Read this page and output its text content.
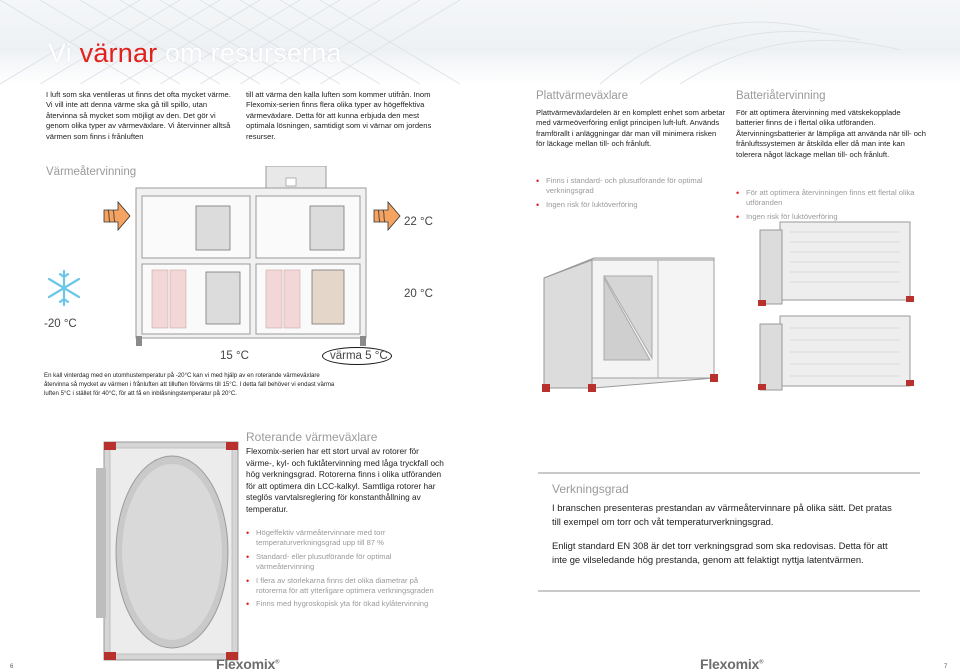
Vi värnar om resurserna
I luft som ska ventileras ut finns det ofta mycket värme. Vi vill inte att denna värme ska gå till spillo, utan återvinna så mycket som möjligt av den. Det gör vi genom olika typer av värmeväxlare. Vi återvinner alltså värmen som finns i frånluften
till att värma den kalla luften som kommer utifrån. Inom Flexomix-serien finns flera olika typer av högeffektiva värmeväxlare. Detta för att kunna erbjuda den mest optimala lösningen, samtidigt som vi värnar om jordens resurser.
Värmeåtervinning
22 °C
20 °C
-20 °C
15 °C	värma 5 °C
En kall vinterdag med en utomhustemperatur på -20°C kan vi med hjälp av en roterande värmeväxlare återvinna så mycket av värmen i frånluften att tilluften förvärms till 15°C. I detta fall behöver vi endast värma luften 5°C i stället för 40°C, för att få en inblåsningstemperatur på 20°C.
Roterande värmeväxlare
Flexomix-serien har ett stort urval av rotorer för värme-, kyl- och fuktåtervinning med låga tryckfall och hög verkningsgrad. Rotorerna finns i olika utföranden för att optimera din LCC-kalkyl. Samtliga rotorer har steglös varvtalsreglering för konstanthållning av temperatur.
• Högeffektiv värmeåtervinnare med torr temperaturverkningsgrad upp till 87 %
• Standard- eller plusutförande för optimal värmeåtervinning
• I flera av storlekarna finns det olika diametrar på rotorerna för att ytterligare optimera verkningsgraden
• Finns med hygroskopisk yta för ökad kylåtervinning
Plattvärmeväxlare
Plattvärmeväxlardelen är en komplett enhet som arbetar med värmeöverföring enligt principen luft-luft. Används framförallt i anläggningar där man vill minimera risken för läckage mellan till- och frånluft.
• Finns i standard- och plusutförande för optimal verkningsgrad
• Ingen risk för luktöverföring
Batteriåtervinning
För att optimera återvinning med vätskekopplade batterier finns de i flertal olika utföranden. Återvinningsbatterier är lämpliga att använda när till- och frånluftssystemen är åtskilda eller då man inte kan tolerera något läckage mellan till- och frånluft.
• För att optimera återvinningen finns ett flertal olika utföranden
• Ingen risk för luktöverföring
Verkningsgrad
I branschen presenteras prestandan av värmeåtervinnare på olika sätt. Det pratas till exempel om torr och våt temperaturverkningsgrad.
Enligt standard EN 308 är det torr verkningsgrad som ska redovisas. Detta för att inte ge vilseledande hög prestanda, genom att felaktigt nyttja latentvärmen.
6	Flexomix®	Flexomix®
7
